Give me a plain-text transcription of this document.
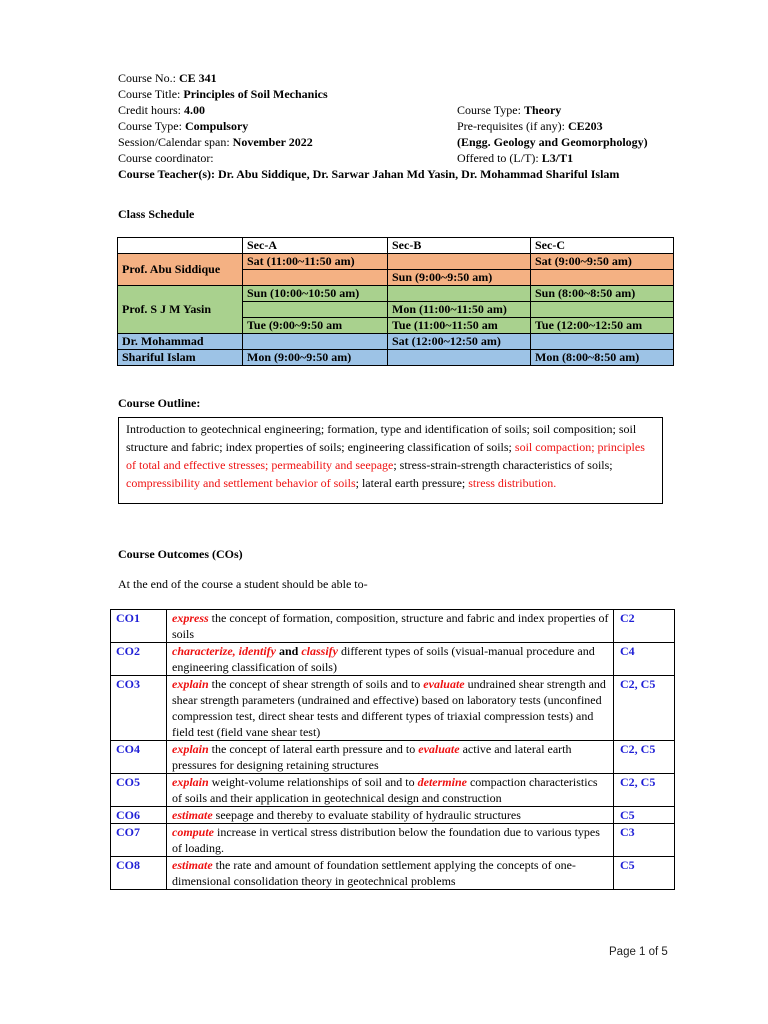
Course No.:
CE 341
Course Title:
Principles of Soil Mechanics
Credit hours: 4.00	Course Type: Theory
Course Type: Compulsory	Pre-requisites (if any): CE203
Session/Calendar span: November 2022	(Engg. Geology and Geomorphology)
Course coordinator:	Offered to (L/T): L3/T1
Course Teacher(s):
Dr. Abu Siddique, Dr. Sarwar Jahan Md Yasin, Dr. Mohammad Shariful Islam
Class Schedule
	Sec-A	Sec-B	Sec-C
Prof. Abu Siddique	Sat (11:00~11:50 am)		Sat (9:00~9:50 am)
		Sun (9:00~9:50 am)	
Prof. S J M Yasin	Sun (10:00~10:50 am)		Sun (8:00~8:50 am)
		Mon (11:00~11:50 am)	
	Tue (9:00~9:50 am	Tue (11:00~11:50 am	Tue (12:00~12:50 am
Dr. Mohammad		Sat (12:00~12:50 am)	
Shariful Islam	Mon (9:00~9:50 am)		Mon (8:00~8:50 am)
Course Outline:
Introduction to geotechnical engineering; formation, type and identification of soils; soil composition; soil structure and fabric; index properties of soils; engineering classification of soils; soil compaction; principles of total and effective stresses; permeability and seepage; stress-strain-strength characteristics of soils; compressibility and settlement behavior of soils; lateral earth pressure; stress distribution.
Course Outcomes (COs)
At the end of the course a student should be able to-
CO1	express the concept of formation, composition, structure and fabric and index properties of soils	C2
CO2	characterize, identify and classify different types of soils (visual-manual procedure and engineering classification of soils)	C4
CO3	explain the concept of shear strength of soils and to evaluate undrained shear strength and shear strength parameters (undrained and effective) based on laboratory tests (unconfined compression test, direct shear tests and different types of triaxial compression tests) and field test (field vane shear test)	C2, C5
CO4	explain the concept of lateral earth pressure and to evaluate active and lateral earth pressures for designing retaining structures	C2, C5
CO5	explain weight-volume relationships of soil and to determine compaction characteristics of soils and their application in geotechnical design and construction	C2, C5
CO6	estimate seepage and thereby to evaluate stability of hydraulic structures	C5
CO7	compute increase in vertical stress distribution below the foundation due to various types of loading.	C3
CO8	estimate the rate and amount of foundation settlement applying the concepts of one-dimensional consolidation theory in geotechnical problems	C5
Page 1 of 5
